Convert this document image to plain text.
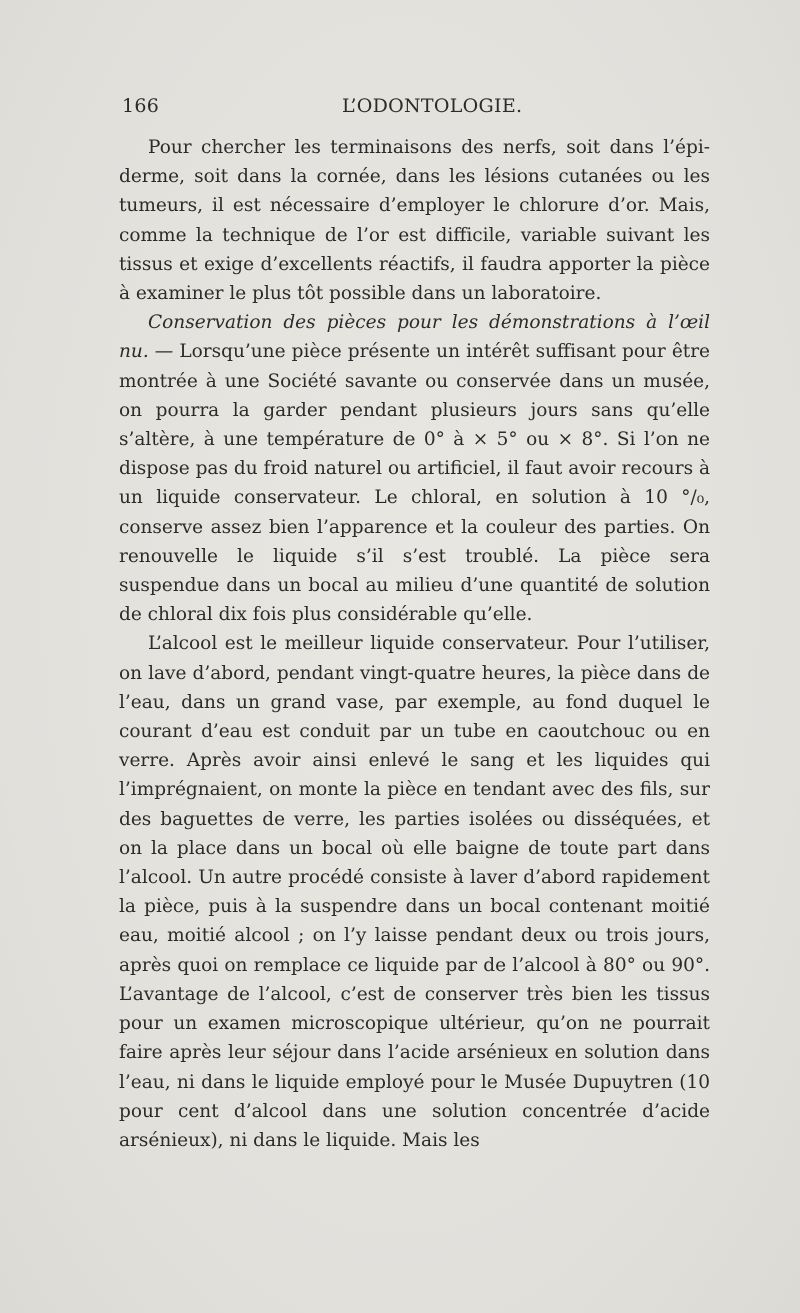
166	L’ODONTOLOGIE.

Pour chercher les terminaisons des nerfs, soit dans l’épiderme, soit dans la cornée, dans les lésions cutanées ou les tumeurs, il est nécessaire d’employer le chlorure d’or. Mais, comme la technique de l’or est difficile, variable suivant les tissus et exige d’excellents réactifs, il faudra apporter la pièce à examiner le plus tôt possible dans un laboratoire.

Conservation des pièces pour les démonstrations à l’œil nu. — Lorsqu’une pièce présente un intérêt suffisant pour être montrée à une Société savante ou conservée dans un musée, on pourra la garder pendant plusieurs jours sans qu’elle s’altère, à une température de 0° à × 5° ou × 8°. Si l’on ne dispose pas du froid naturel ou artificiel, il faut avoir recours à un liquide conservateur. Le chloral, en solution à 10 °/₀, conserve assez bien l’apparence et la couleur des parties. On renouvelle le liquide s’il s’est troublé. La pièce sera suspendue dans un bocal au milieu d’une quantité de solution de chloral dix fois plus considérable qu’elle.

L’alcool est le meilleur liquide conservateur. Pour l’utiliser, on lave d’abord, pendant vingt-quatre heures, la pièce dans de l’eau, dans un grand vase, par exemple, au fond duquel le courant d’eau est conduit par un tube en caoutchouc ou en verre. Après avoir ainsi enlevé le sang et les liquides qui l’imprégnaient, on monte la pièce en tendant avec des fils, sur des baguettes de verre, les parties isolées ou disséquées, et on la place dans un bocal où elle baigne de toute part dans l’alcool. Un autre procédé consiste à laver d’abord rapidement la pièce, puis à la suspendre dans un bocal contenant moitié eau, moitié alcool ; on l’y laisse pendant deux ou trois jours, après quoi on remplace ce liquide par de l’alcool à 80° ou 90°. L’avantage de l’alcool, c’est de conserver très bien les tissus pour un examen microscopique ultérieur, qu’on ne pourrait faire après leur séjour dans l’acide arsénieux en solution dans l’eau, ni dans le liquide employé pour le Musée Dupuytren (10 pour cent d’alcool dans une solution concentrée d’acide arsénieux), ni dans le liquide. Mais les
